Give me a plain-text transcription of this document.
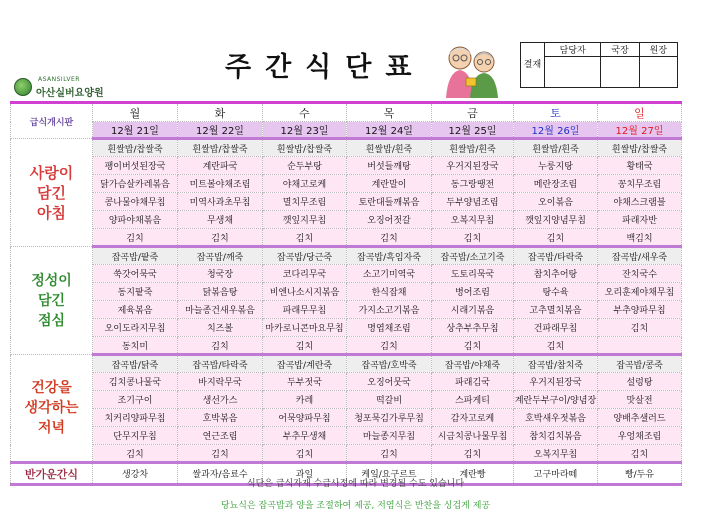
ASANSILVER
아산실버요양원
주간식단표	결재	담당자	국장	원장

급식개시판	월	화	수	목	금	토	일
	12월 21일	12월 22일	12월 23일	12월 24일	12월 25일	12월 26일	12월 27일

사랑이
담긴
아침	흰쌀밥/찹쌀죽	흰쌀밥/찹쌀죽	흰쌀밥/찹쌀죽	흰쌀밥/흰죽	흰쌀밥/흰죽	흰쌀밥/흰죽	흰쌀밥/찹쌀죽
	팽이버섯된장국	계란파국	순두부탕	버섯들깨탕	우거지된장국	누룽지탕	황태국
	닭가슴살카레볶음	미트볼야채조림	야채고로케	계란말이	동그랑땡전	메란장조림	꽁치무조림
	콩나물야채무침	미역사과초무침	멸치무조림	토란대들깨볶음	두부양념조림	오이볶음	야채스크램블
	양파야채볶음	무생채	깻잎지무침	오징어젓갈	오복지무침	깻잎지양념무침	파래자반
	김치	김치	김치	김치	김치	김치	백김치

정성이
담긴
점심	잡곡밥/팥죽	잡곡밥/깨죽	잡곡밥/당근죽	잡곡밥/흑임자죽	잡곡밥/소고기죽	잡곡밥/타락죽	잡곡밥/새우죽
	쑥갓어묵국	청국장	코다리무국	소고기미역국	도토리묵국	참치추어탕	잔치국수
	동지팥죽	닭볶음탕	비엔나소시지볶음	한식잡채	병어조림	탕수육	오리훈제야채무침
	제육볶음	마늘종건새우볶음	파래무무침	가지소고기볶음	시래기볶음	고추멸치볶음	부추양파무침
	오이도라지무침	치즈볼	마카로니콘마요무침	명엽채조림	상추부추무침	건파래무침	김치
	동치미	김치	김치	김치	김치	김치	

건강을
생각하는
저녁	잡곡밥/닭죽	잡곡밥/타락죽	잡곡밥/계란죽	잡곡밥/호박죽	잡곡밥/야채죽	잡곡밥/참치죽	잡곡밥/콩죽
	김치콩나물국	바지락무국	두부젓국	오징어뭇국	파래김국	우거지된장국	설렁탕
	조기구이	생선가스	카레	떡갈비	스파게티	계란두부구이/양념장	맛살전
	치커리양파무침	호박볶음	어묵양파무침	청포묵김가루무침	감자고로케	호박새우젓볶음	양배추샐러드
	단무지무침	연근조림	부추무생채	마늘종지무침	시금치콩나물무침	참치김치볶음	우엉채조림
	김치	김치	김치	김치	김치	오복지무침	김치
반가운간식	생강차	쌀과자/음료수	과일	케잌/요구르트	계란빵	고구마라떼	빵/두유
식단은 급식자재 수급사정에 따라 변경될 수도 있습니다
당뇨식은 잡곡밥과 양을 조절하여 제공, 저염식은 반찬을 싱겁게 제공
